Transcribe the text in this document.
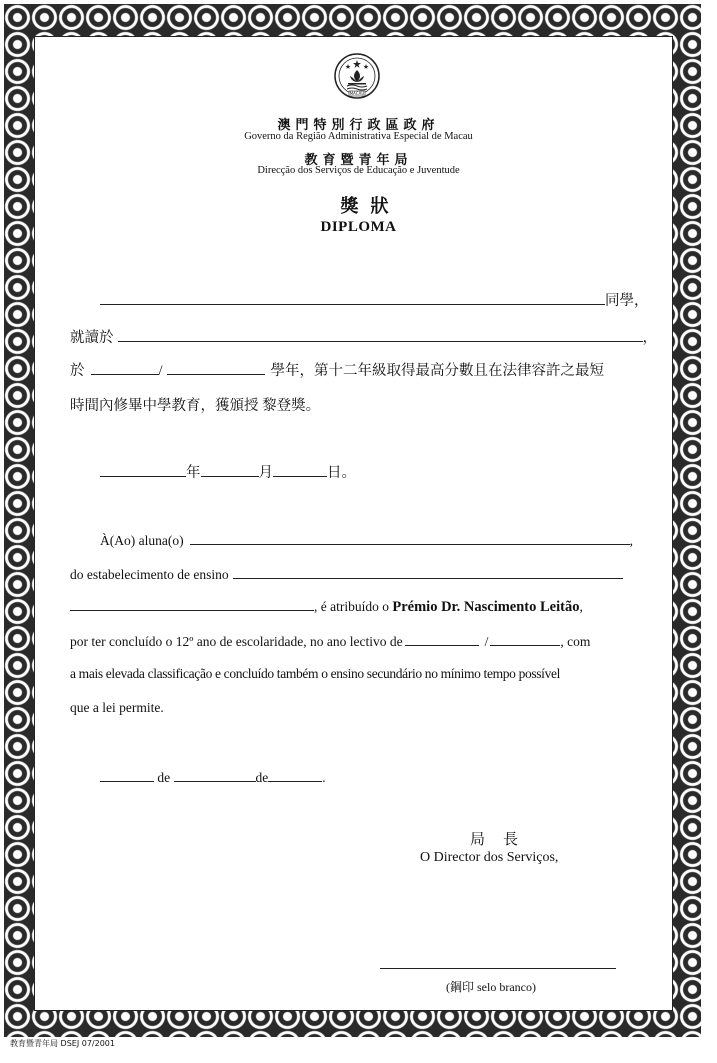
MACAU
澳門特別行政區政府
Governo da Região Administrativa Especial de Macau
教育暨青年局
Direcção dos Serviços de Educação e Juventude
獎狀
DIPLOMA
同學，
就讀於	，
於	/	學年，第十二年級取得最高分數且在法律容許之最短
時間內修畢中學教育，獲頒授 黎登獎。
年	月	日。
À(Ao) aluna(o)	,
do estabelecimento de ensino
, é atribuído o Prémio Dr. Nascimento Leitão,
por ter concluído o 12º ano de escolaridade, no ano lectivo de	/	, com
a mais elevada classificação e concluído também o ensino secundário no mínimo tempo possível
que a lei permite.
de	de	.
局長
O Director dos Serviços,
(鋼印 selo branco)
教育暨青年局 DSEJ 07/2001
